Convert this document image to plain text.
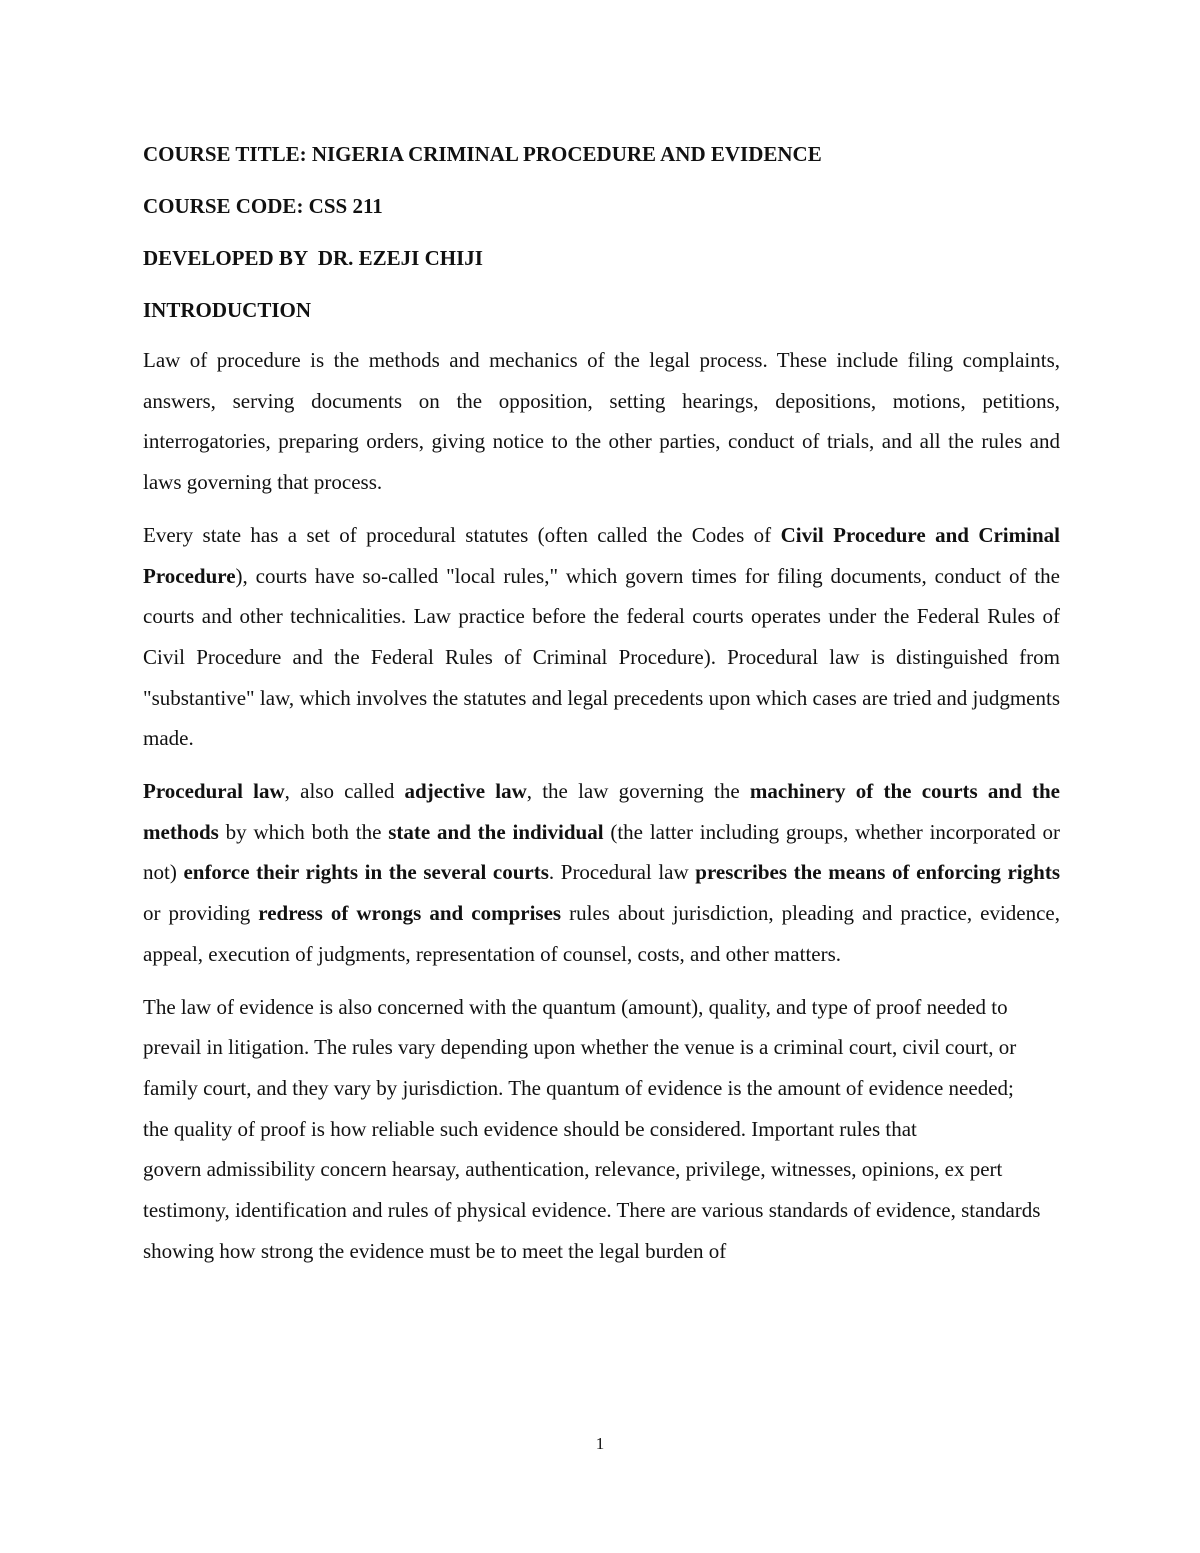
COURSE TITLE: NIGERIA CRIMINAL PROCEDURE AND EVIDENCE
COURSE CODE: CSS 211
DEVELOPED BY  DR. EZEJI CHIJI
INTRODUCTION

Law of procedure is the methods and mechanics of the legal process. These include filing complaints, answers, serving documents on the opposition, setting hearings, depositions, motions, petitions, interrogatories, preparing orders, giving notice to the other parties, conduct of trials, and all the rules and laws governing that process.

Every state has a set of procedural statutes (often called the Codes of Civil Procedure and Criminal Procedure), courts have so-called "local rules," which govern times for filing documents, conduct of the courts and other technicalities. Law practice before the federal courts operates under the Federal Rules of Civil Procedure and the Federal Rules of Criminal Procedure). Procedural law is distinguished from "substantive" law, which involves the statutes and legal precedents upon which cases are tried and judgments made.

Procedural law, also called adjective law, the law governing the machinery of the courts and the methods by which both the state and the individual (the latter including groups, whether incorporated or not) enforce their rights in the several courts. Procedural law prescribes the means of enforcing rights or providing redress of wrongs and comprises rules about jurisdiction, pleading and practice, evidence, appeal, execution of judgments, representation of counsel, costs, and other matters.

The law of evidence is also concerned with the quantum (amount), quality, and type of proof needed to prevail in litigation. The rules vary depending upon whether the venue is a criminal court, civil court, or family court, and they vary by jurisdiction. The quantum of evidence is the amount of evidence needed; the quality of proof is how reliable such evidence should be considered. Important rules that

govern admissibility concern hearsay, authentication, relevance, privilege, witnesses, opinions, ex pert testimony, identification and rules of physical evidence. There are various standards of evidence, standards showing how strong the evidence must be to meet the legal burden of

1
